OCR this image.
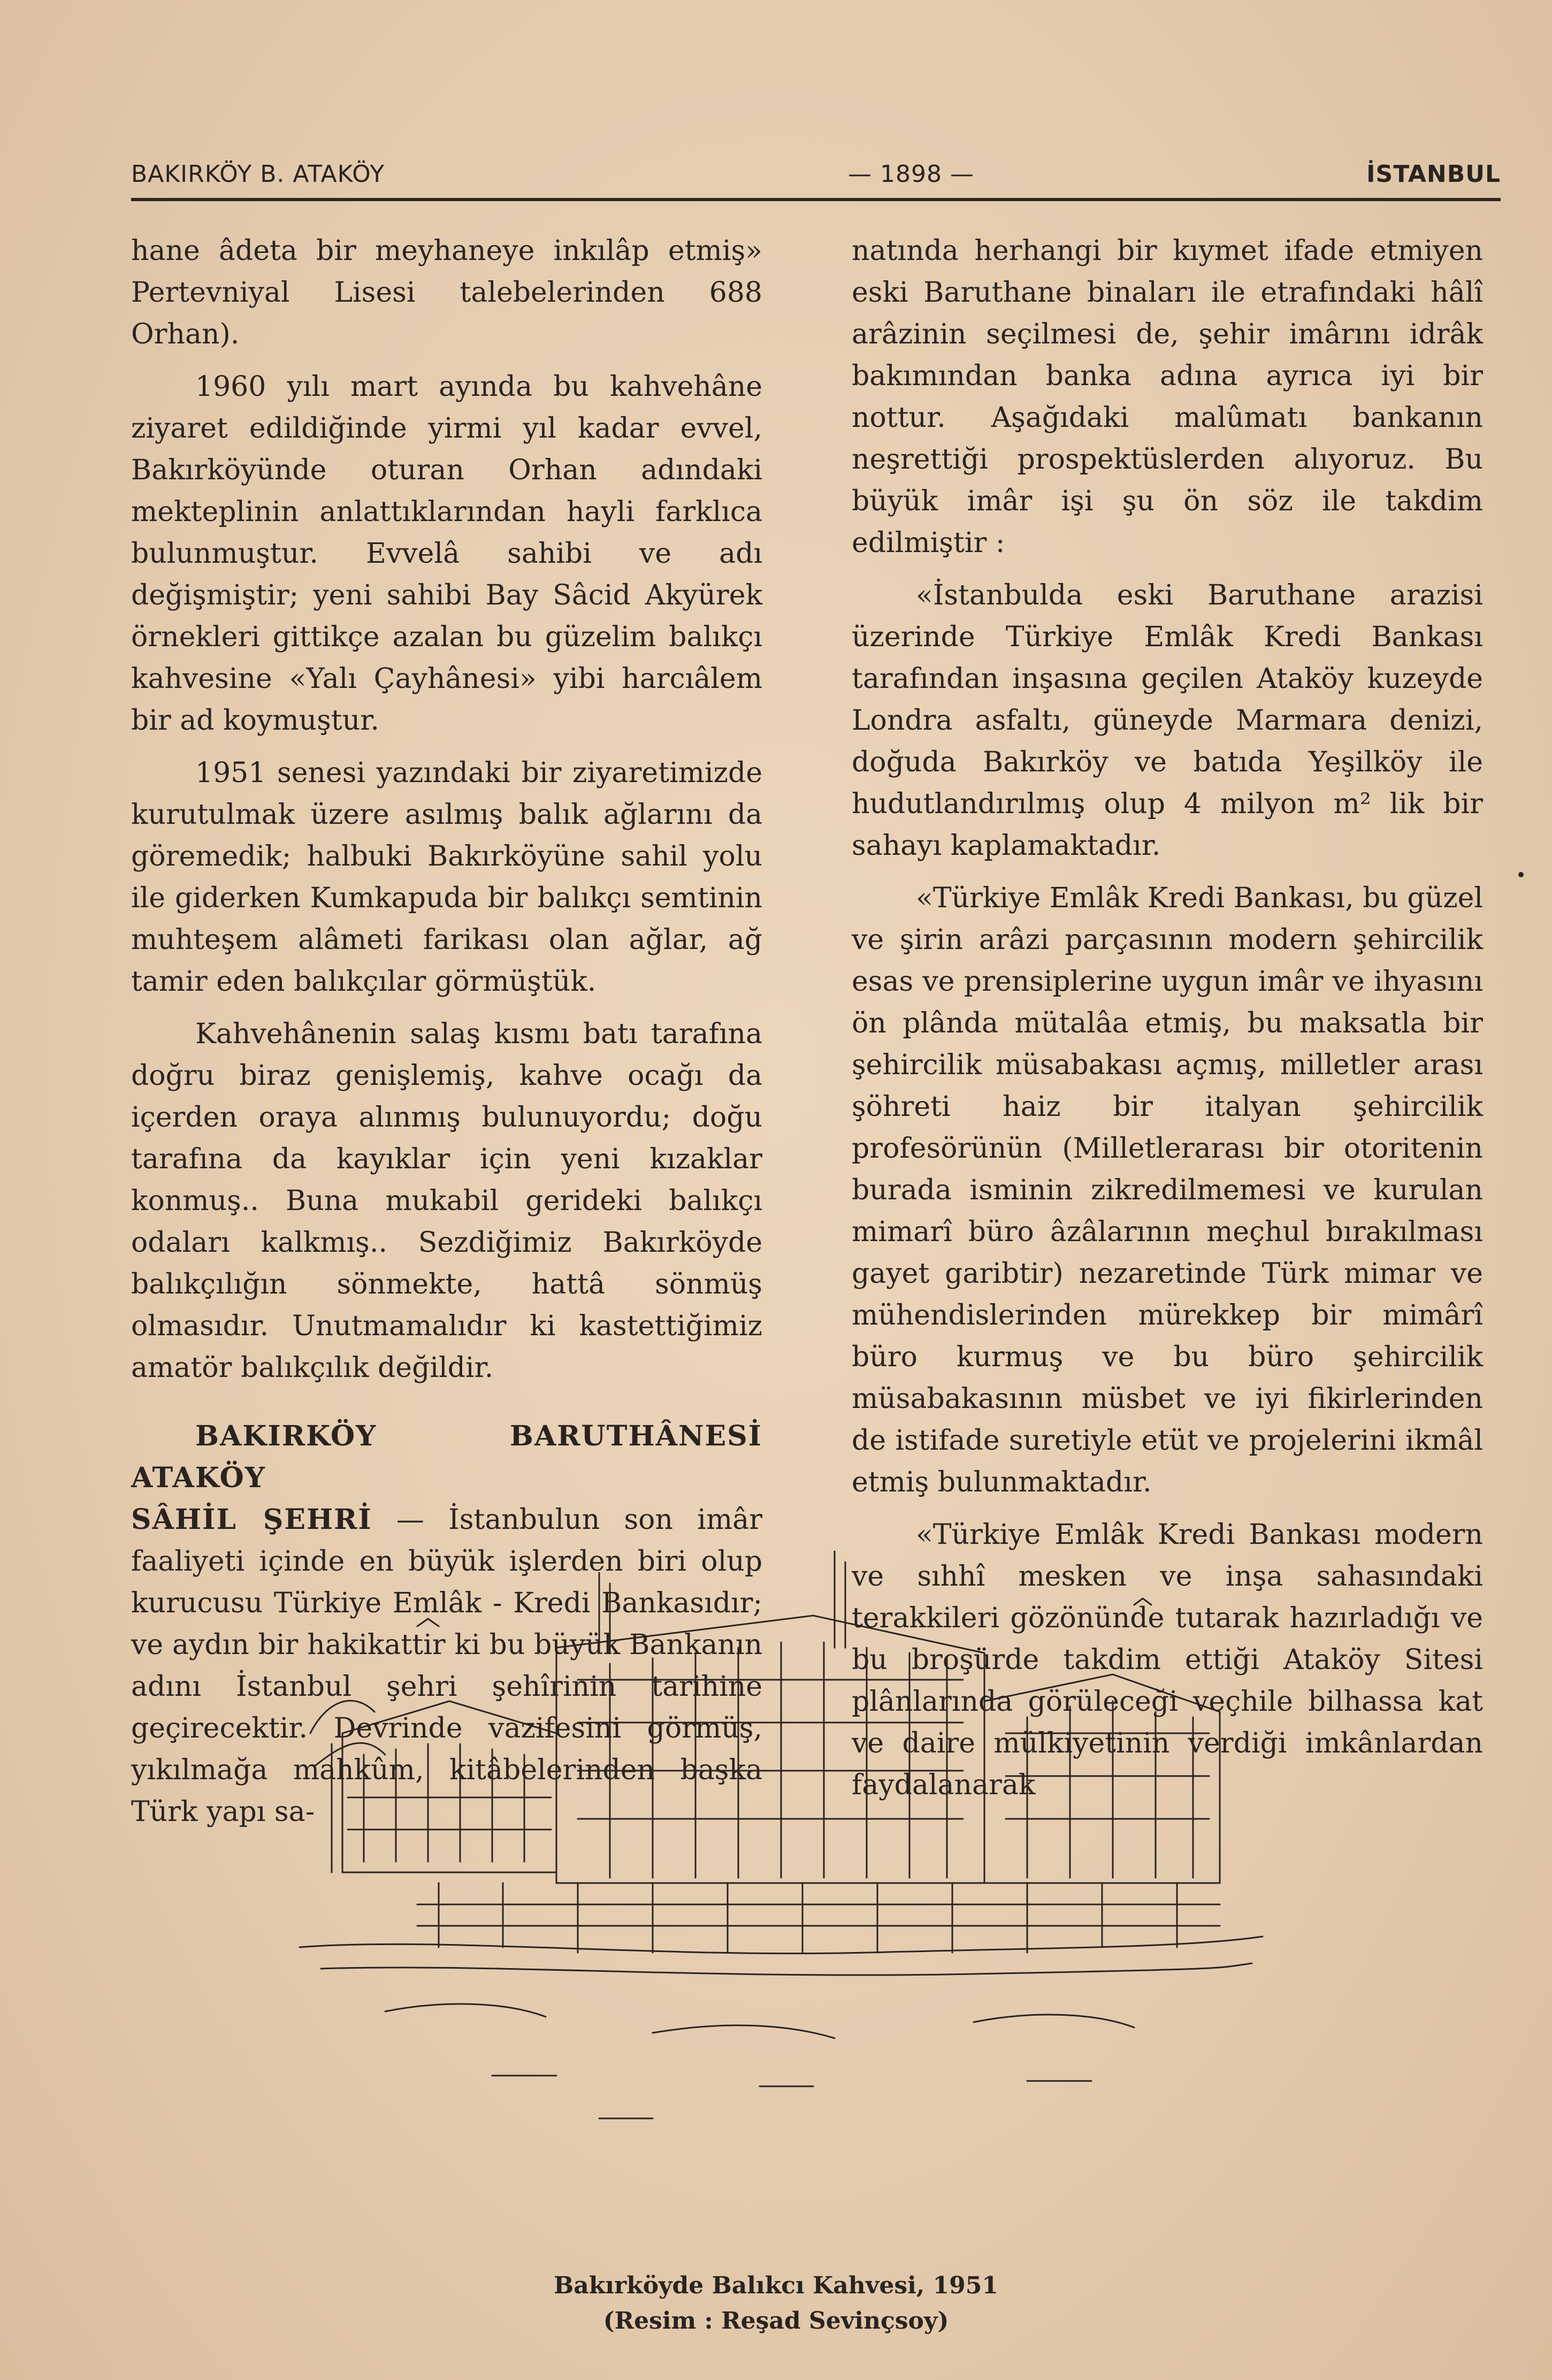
BAKIRKÖY B. ATAKÖY	— 1898 —	İSTANBUL

hane âdeta bir meyhaneye inkılâp etmiş» Pertevniyal Lisesi talebelerinden 688 Orhan).

1960 yılı mart ayında bu kahvehâne ziyaret edildiğinde yirmi yıl kadar evvel, Bakırköyünde oturan Orhan adındaki mekteplinin anlattıklarından hayli farklıca bulunmuştur. Evvelâ sahibi ve adı değişmiştir; yeni sahibi Bay Sâcid Akyürek örnekleri gittikçe azalan bu güzelim balıkçı kahvesine «Yalı Çayhânesi» yibi harcıâlem bir ad koymuştur.

1951 senesi yazındaki bir ziyaretimizde kurutulmak üzere asılmış balık ağlarını da göremedik; halbuki Bakırköyüne sahil yolu ile giderken Kumkapuda bir balıkçı semtinin muhteşem alâmeti farikası olan ağlar, ağ tamir eden balıkçılar görmüştük.

Kahvehânenin salaş kısmı batı tarafına doğru biraz genişlemiş, kahve ocağı da içerden oraya alınmış bulunuyordu; doğu tarafına da kayıklar için yeni kızaklar konmuş.. Buna mukabil gerideki balıkçı odaları kalkmış.. Sezdiğimiz Bakırköyde balıkçılığın sönmekte, hattâ sönmüş olmasıdır. Unutmamalıdır ki kastettiğimiz amatör balıkçılık değildir.

BAKIRKÖY BARUTHÂNESİ ATAKÖY
SÂHİL ŞEHRİ — İstanbulun son imâr faaliyeti içinde en büyük işlerden biri olup kurucusu Türkiye Emlâk - Kredi Bankasıdır; ve aydın bir hakikattir ki bu büyük Bankanın adını İstanbul şehri şehîrinin tarihine geçirecektir. Devrinde vazifesini görmüş, yıkılmağa mahkûm, kitâbelerinden başka Türk yapı sa-

natında herhangi bir kıymet ifade etmiyen eski Baruthane binaları ile etrafındaki hâlî arâzinin seçilmesi de, şehir imârını idrâk bakımından banka adına ayrıca iyi bir nottur. Aşağıdaki malûmatı bankanın neşrettiği prospektüslerden alıyoruz. Bu büyük imâr işi şu ön söz ile takdim edilmiştir :

«İstanbulda eski Baruthane arazisi üzerinde Türkiye Emlâk Kredi Bankası tarafından inşasına geçilen Ataköy kuzeyde Londra asfaltı, güneyde Marmara denizi, doğuda Bakırköy ve batıda Yeşilköy ile hudutlandırılmış olup 4 milyon m² lik bir sahayı kaplamaktadır.

«Türkiye Emlâk Kredi Bankası, bu güzel ve şirin arâzi parçasının modern şehircilik esas ve prensiplerine uygun imâr ve ihyasını ön plânda mütalâa etmiş, bu maksatla bir şehircilik müsabakası açmış, milletler arası şöhreti haiz bir italyan şehircilik profesörünün (Milletlerarası bir otoritenin burada isminin zikredilmemesi ve kurulan mimarî büro âzâlarının meçhul bırakılması gayet garibtir) nezaretinde Türk mimar ve mühendislerinden mürekkep bir mimârî büro kurmuş ve bu büro şehircilik müsabakasının müsbet ve iyi fikirlerinden de istifade suretiyle etüt ve projelerini ikmâl etmiş bulunmaktadır.

«Türkiye Emlâk Kredi Bankası modern ve sıhhî mesken ve inşa sahasındaki terakkileri gözönünde tutarak hazırladığı ve bu broşürde takdim ettiği Ataköy Sitesi plânlarında görüleceği veçhile bilhassa kat ve daire mülkiyetinin verdiği imkânlardan faydalanarak

Bakırköyde Balıkcı Kahvesi, 1951
(Resim : Reşad Sevinçsoy)
